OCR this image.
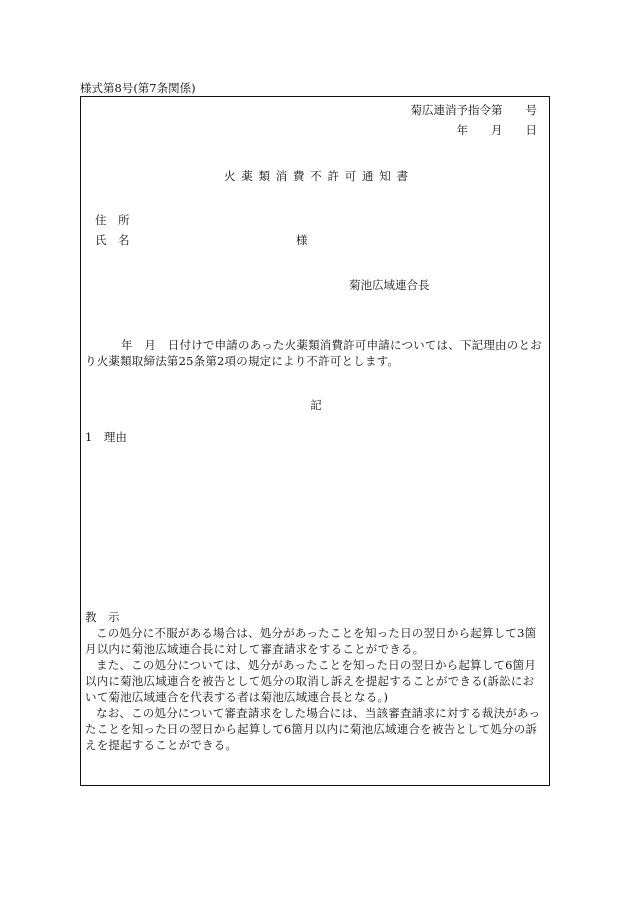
様式第8号(第7条関係)
菊広連消予指令第　　号
年　　月　　日
火薬類消費不許可通知書
住　所
氏　名	様
菊池広域連合長
年　月　日付けで申請のあった火薬類消費許可申請については、下記理由のとおり火薬類取締法第25条第2項の規定により不許可とします。
記
1　理由
教　示
この処分に不服がある場合は、処分があったことを知った日の翌日から起算して3箇月以内に菊池広域連合長に対して審査請求をすることができる。
また、この処分については、処分があったことを知った日の翌日から起算して6箇月以内に菊池広域連合を被告として処分の取消し訴えを提起することができる(訴訟において菊池広域連合を代表する者は菊池広域連合長となる。)
なお、この処分について審査請求をした場合には、当該審査請求に対する裁決があったことを知った日の翌日から起算して6箇月以内に菊池広域連合を被告として処分の訴えを提起することができる。
